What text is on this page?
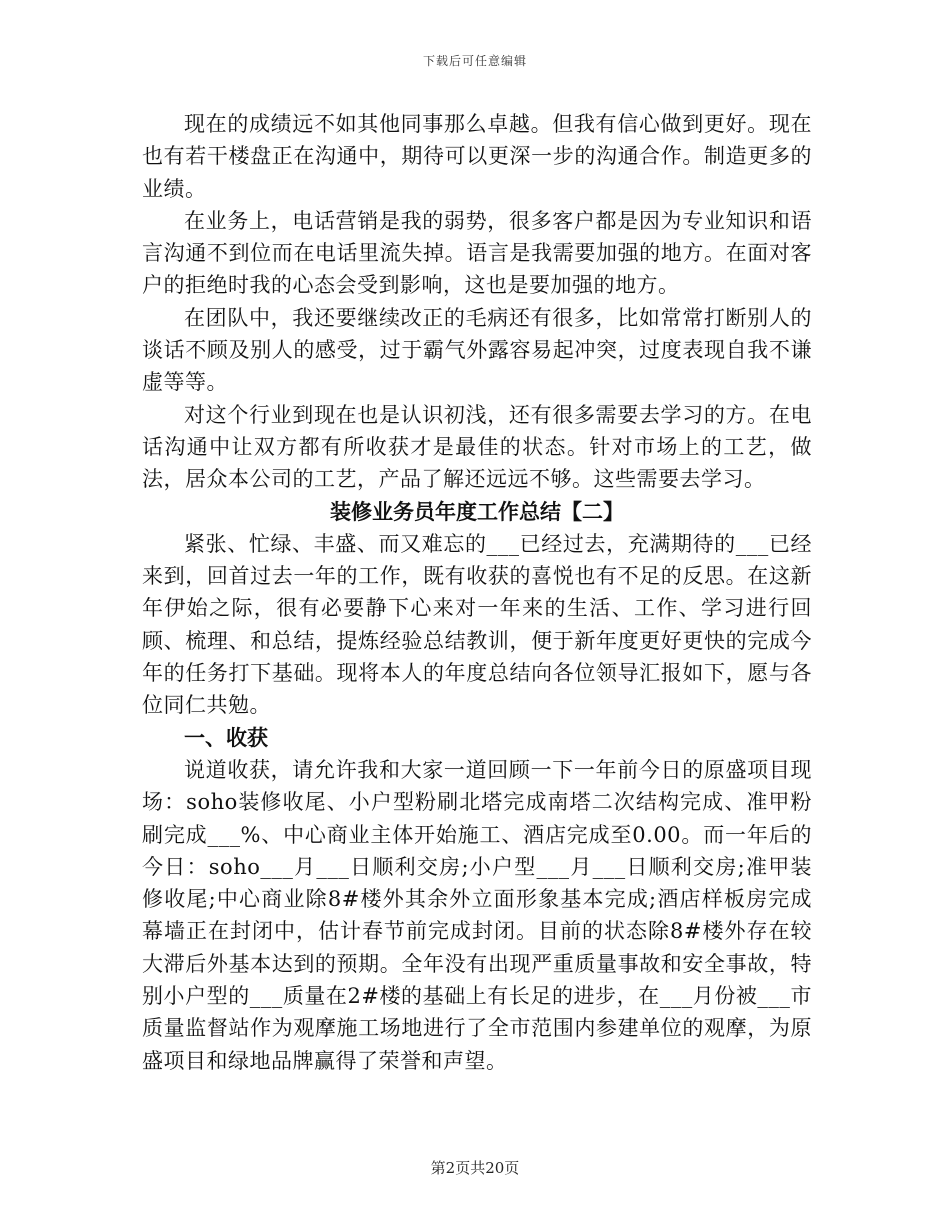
下载后可任意编辑

现在的成绩远不如其他同事那么卓越。但我有信心做到更好。现在也有若干楼盘正在沟通中，期待可以更深一步的沟通合作。制造更多的业绩。

在业务上，电话营销是我的弱势，很多客户都是因为专业知识和语言沟通不到位而在电话里流失掉。语言是我需要加强的地方。在面对客户的拒绝时我的心态会受到影响，这也是要加强的地方。

在团队中，我还要继续改正的毛病还有很多，比如常常打断别人的谈话不顾及别人的感受，过于霸气外露容易起冲突，过度表现自我不谦虚等等。

对这个行业到现在也是认识初浅，还有很多需要去学习的方。在电话沟通中让双方都有所收获才是最佳的状态。针对市场上的工艺，做法，居众本公司的工艺，产品了解还远远不够。这些需要去学习。

装修业务员年度工作总结【二】

紧张、忙绿、丰盛、而又难忘的___已经过去，充满期待的___已经来到，回首过去一年的工作，既有收获的喜悦也有不足的反思。在这新年伊始之际，很有必要静下心来对一年来的生活、工作、学习进行回顾、梳理、和总结，提炼经验总结教训，便于新年度更好更快的完成今年的任务打下基础。现将本人的年度总结向各位领导汇报如下，愿与各位同仁共勉。

一、收获

说道收获，请允许我和大家一道回顾一下一年前今日的原盛项目现场：soho装修收尾、小户型粉刷北塔完成南塔二次结构完成、准甲粉刷完成___%、中心商业主体开始施工、酒店完成至0.00。而一年后的今日：soho___月___日顺利交房;小户型___月___日顺利交房;准甲装修收尾;中心商业除8#楼外其余外立面形象基本完成;酒店样板房完成幕墙正在封闭中，估计春节前完成封闭。目前的状态除8#楼外存在较大滞后外基本达到的预期。全年没有出现严重质量事故和安全事故，特别小户型的___质量在2#楼的基础上有长足的进步，在___月份被___市质量监督站作为观摩施工场地进行了全市范围内参建单位的观摩，为原盛项目和绿地品牌赢得了荣誉和声望。

第2页共20页
